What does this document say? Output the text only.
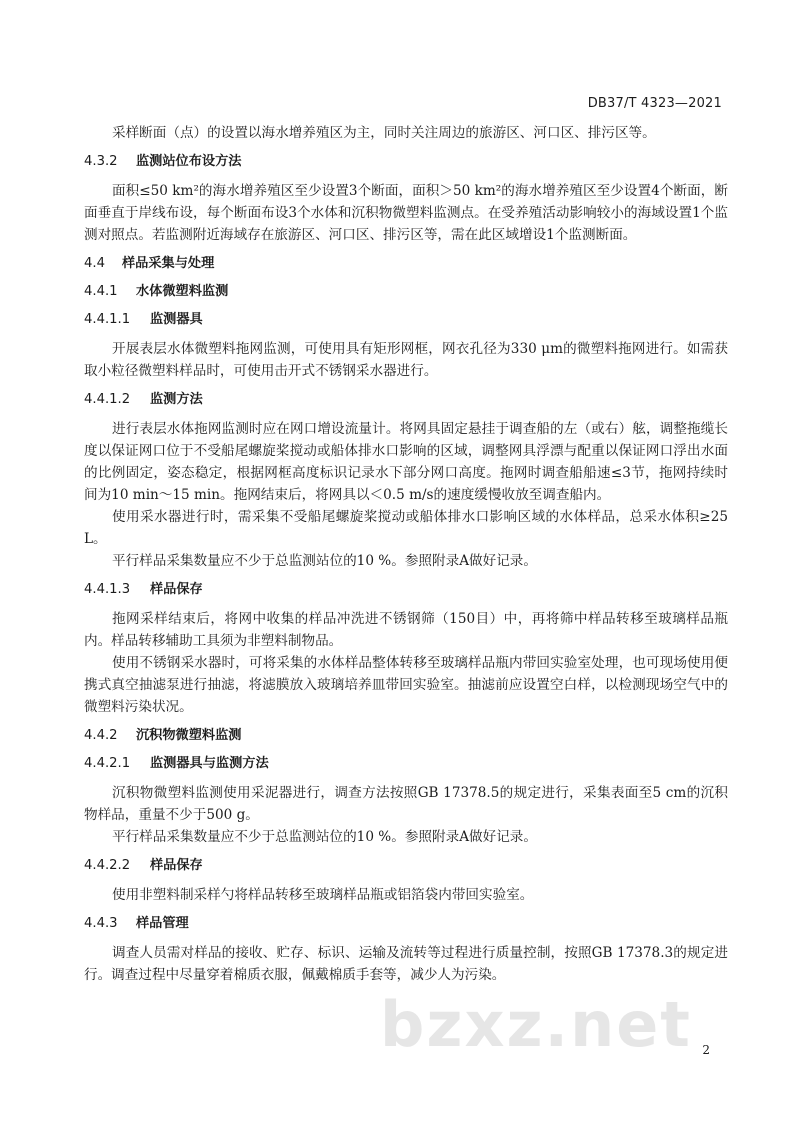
DB37/T 4323—2021

采样断面（点）的设置以海水增养殖区为主，同时关注周边的旅游区、河口区、排污区等。

4.3.2 监测站位布设方法

面积≤50 km²的海水增养殖区至少设置3个断面，面积＞50 km²的海水增养殖区至少设置4个断面，断面垂直于岸线布设，每个断面布设3个水体和沉积物微塑料监测点。在受养殖活动影响较小的海域设置1个监测对照点。若监测附近海域存在旅游区、河口区、排污区等，需在此区域增设1个监测断面。

4.4 样品采集与处理
4.4.1 水体微塑料监测
4.4.1.1 监测器具

开展表层水体微塑料拖网监测，可使用具有矩形网框，网衣孔径为330 μm的微塑料拖网进行。如需获取小粒径微塑料样品时，可使用击开式不锈钢采水器进行。

4.4.1.2 监测方法

进行表层水体拖网监测时应在网口增设流量计。将网具固定悬挂于调查船的左（或右）舷，调整拖缆长度以保证网口位于不受船尾螺旋桨搅动或船体排水口影响的区域，调整网具浮漂与配重以保证网口浮出水面的比例固定，姿态稳定，根据网框高度标识记录水下部分网口高度。拖网时调查船船速≤3节，拖网持续时间为10 min～15 min。拖网结束后，将网具以＜0.5 m/s的速度缓慢收放至调查船内。

使用采水器进行时，需采集不受船尾螺旋桨搅动或船体排水口影响区域的水体样品，总采水体积≥25 L。

平行样品采集数量应不少于总监测站位的10 %。参照附录A做好记录。

4.4.1.3 样品保存

拖网采样结束后，将网中收集的样品冲洗进不锈钢筛（150目）中，再将筛中样品转移至玻璃样品瓶内。样品转移辅助工具须为非塑料制物品。

使用不锈钢采水器时，可将采集的水体样品整体转移至玻璃样品瓶内带回实验室处理，也可现场使用便携式真空抽滤泵进行抽滤，将滤膜放入玻璃培养皿带回实验室。抽滤前应设置空白样，以检测现场空气中的微塑料污染状况。

4.4.2 沉积物微塑料监测
4.4.2.1 监测器具与监测方法

沉积物微塑料监测使用采泥器进行，调查方法按照GB 17378.5的规定进行，采集表面至5 cm的沉积物样品，重量不少于500 g。

平行样品采集数量应不少于总监测站位的10 %。参照附录A做好记录。

4.4.2.2 样品保存

使用非塑料制采样勺将样品转移至玻璃样品瓶或铝箔袋内带回实验室。

4.4.3 样品管理

调查人员需对样品的接收、贮存、标识、运输及流转等过程进行质量控制，按照GB 17378.3的规定进行。调查过程中尽量穿着棉质衣服，佩戴棉质手套等，减少人为污染。

bzxz.net 2
